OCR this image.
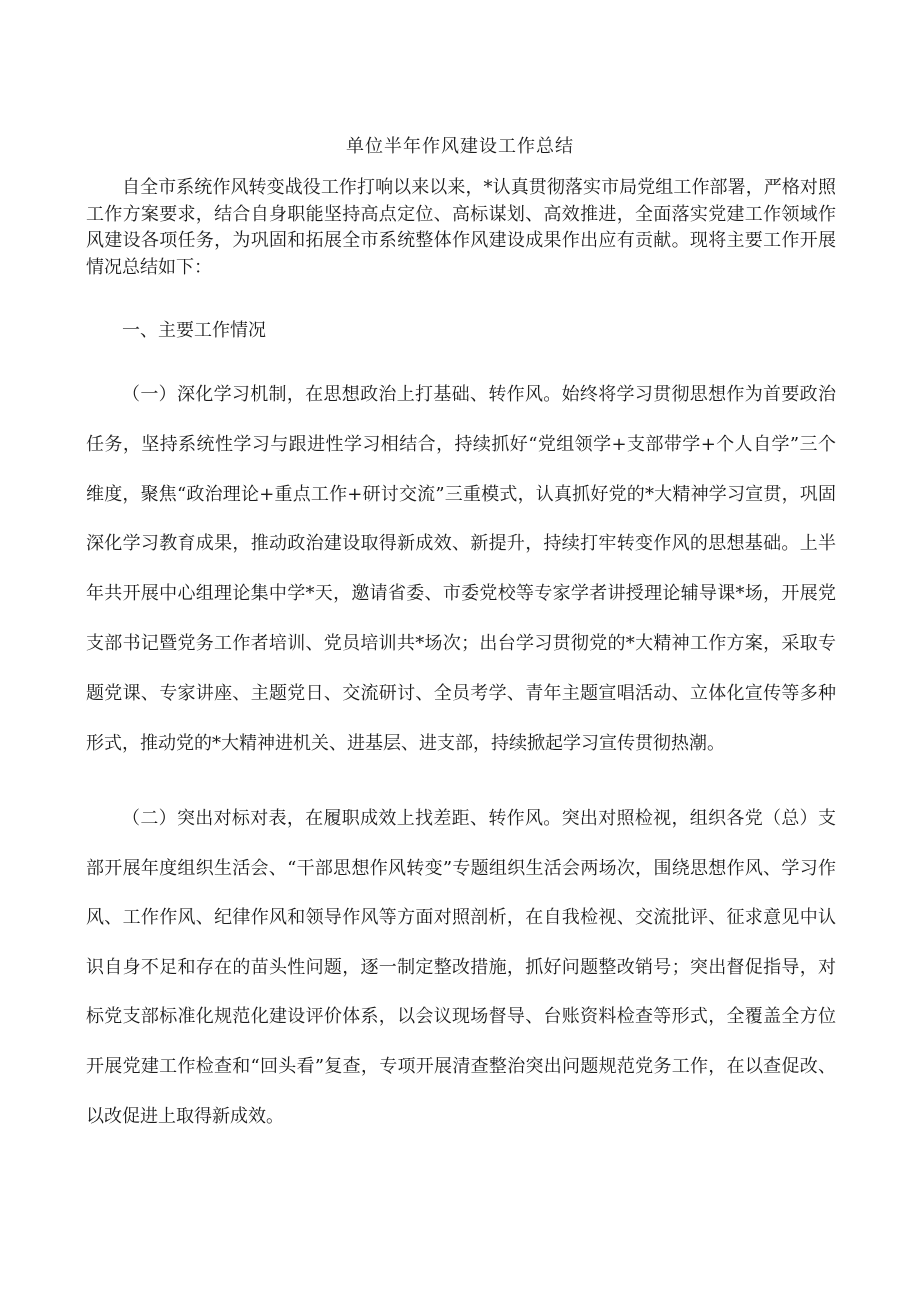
单位半年作风建设工作总结

自全市系统作风转变战役工作打响以来以来，*认真贯彻落实市局党组工作部署，严格对照工作方案要求，结合自身职能坚持高点定位、高标谋划、高效推进，全面落实党建工作领域作风建设各项任务，为巩固和拓展全市系统整体作风建设成果作出应有贡献。现将主要工作开展情况总结如下：

一、主要工作情况

（一）深化学习机制，在思想政治上打基础、转作风。始终将学习贯彻思想作为首要政治任务，坚持系统性学习与跟进性学习相结合，持续抓好“党组领学+支部带学+个人自学”三个维度，聚焦“政治理论+重点工作+研讨交流”三重模式，认真抓好党的*大精神学习宣贯，巩固深化学习教育成果，推动政治建设取得新成效、新提升，持续打牢转变作风的思想基础。上半年共开展中心组理论集中学*天，邀请省委、市委党校等专家学者讲授理论辅导课*场，开展党支部书记暨党务工作者培训、党员培训共*场次；出台学习贯彻党的*大精神工作方案，采取专题党课、专家讲座、主题党日、交流研讨、全员考学、青年主题宣唱活动、立体化宣传等多种形式，推动党的*大精神进机关、进基层、进支部，持续掀起学习宣传贯彻热潮。

（二）突出对标对表，在履职成效上找差距、转作风。突出对照检视，组织各党（总）支部开展年度组织生活会、“干部思想作风转变”专题组织生活会两场次，围绕思想作风、学习作风、工作作风、纪律作风和领导作风等方面对照剖析，在自我检视、交流批评、征求意见中认识自身不足和存在的苗头性问题，逐一制定整改措施，抓好问题整改销号；突出督促指导，对标党支部标准化规范化建设评价体系，以会议现场督导、台账资料检查等形式，全覆盖全方位开展党建工作检查和“回头看”复查，专项开展清查整治突出问题规范党务工作，在以查促改、以改促进上取得新成效。
